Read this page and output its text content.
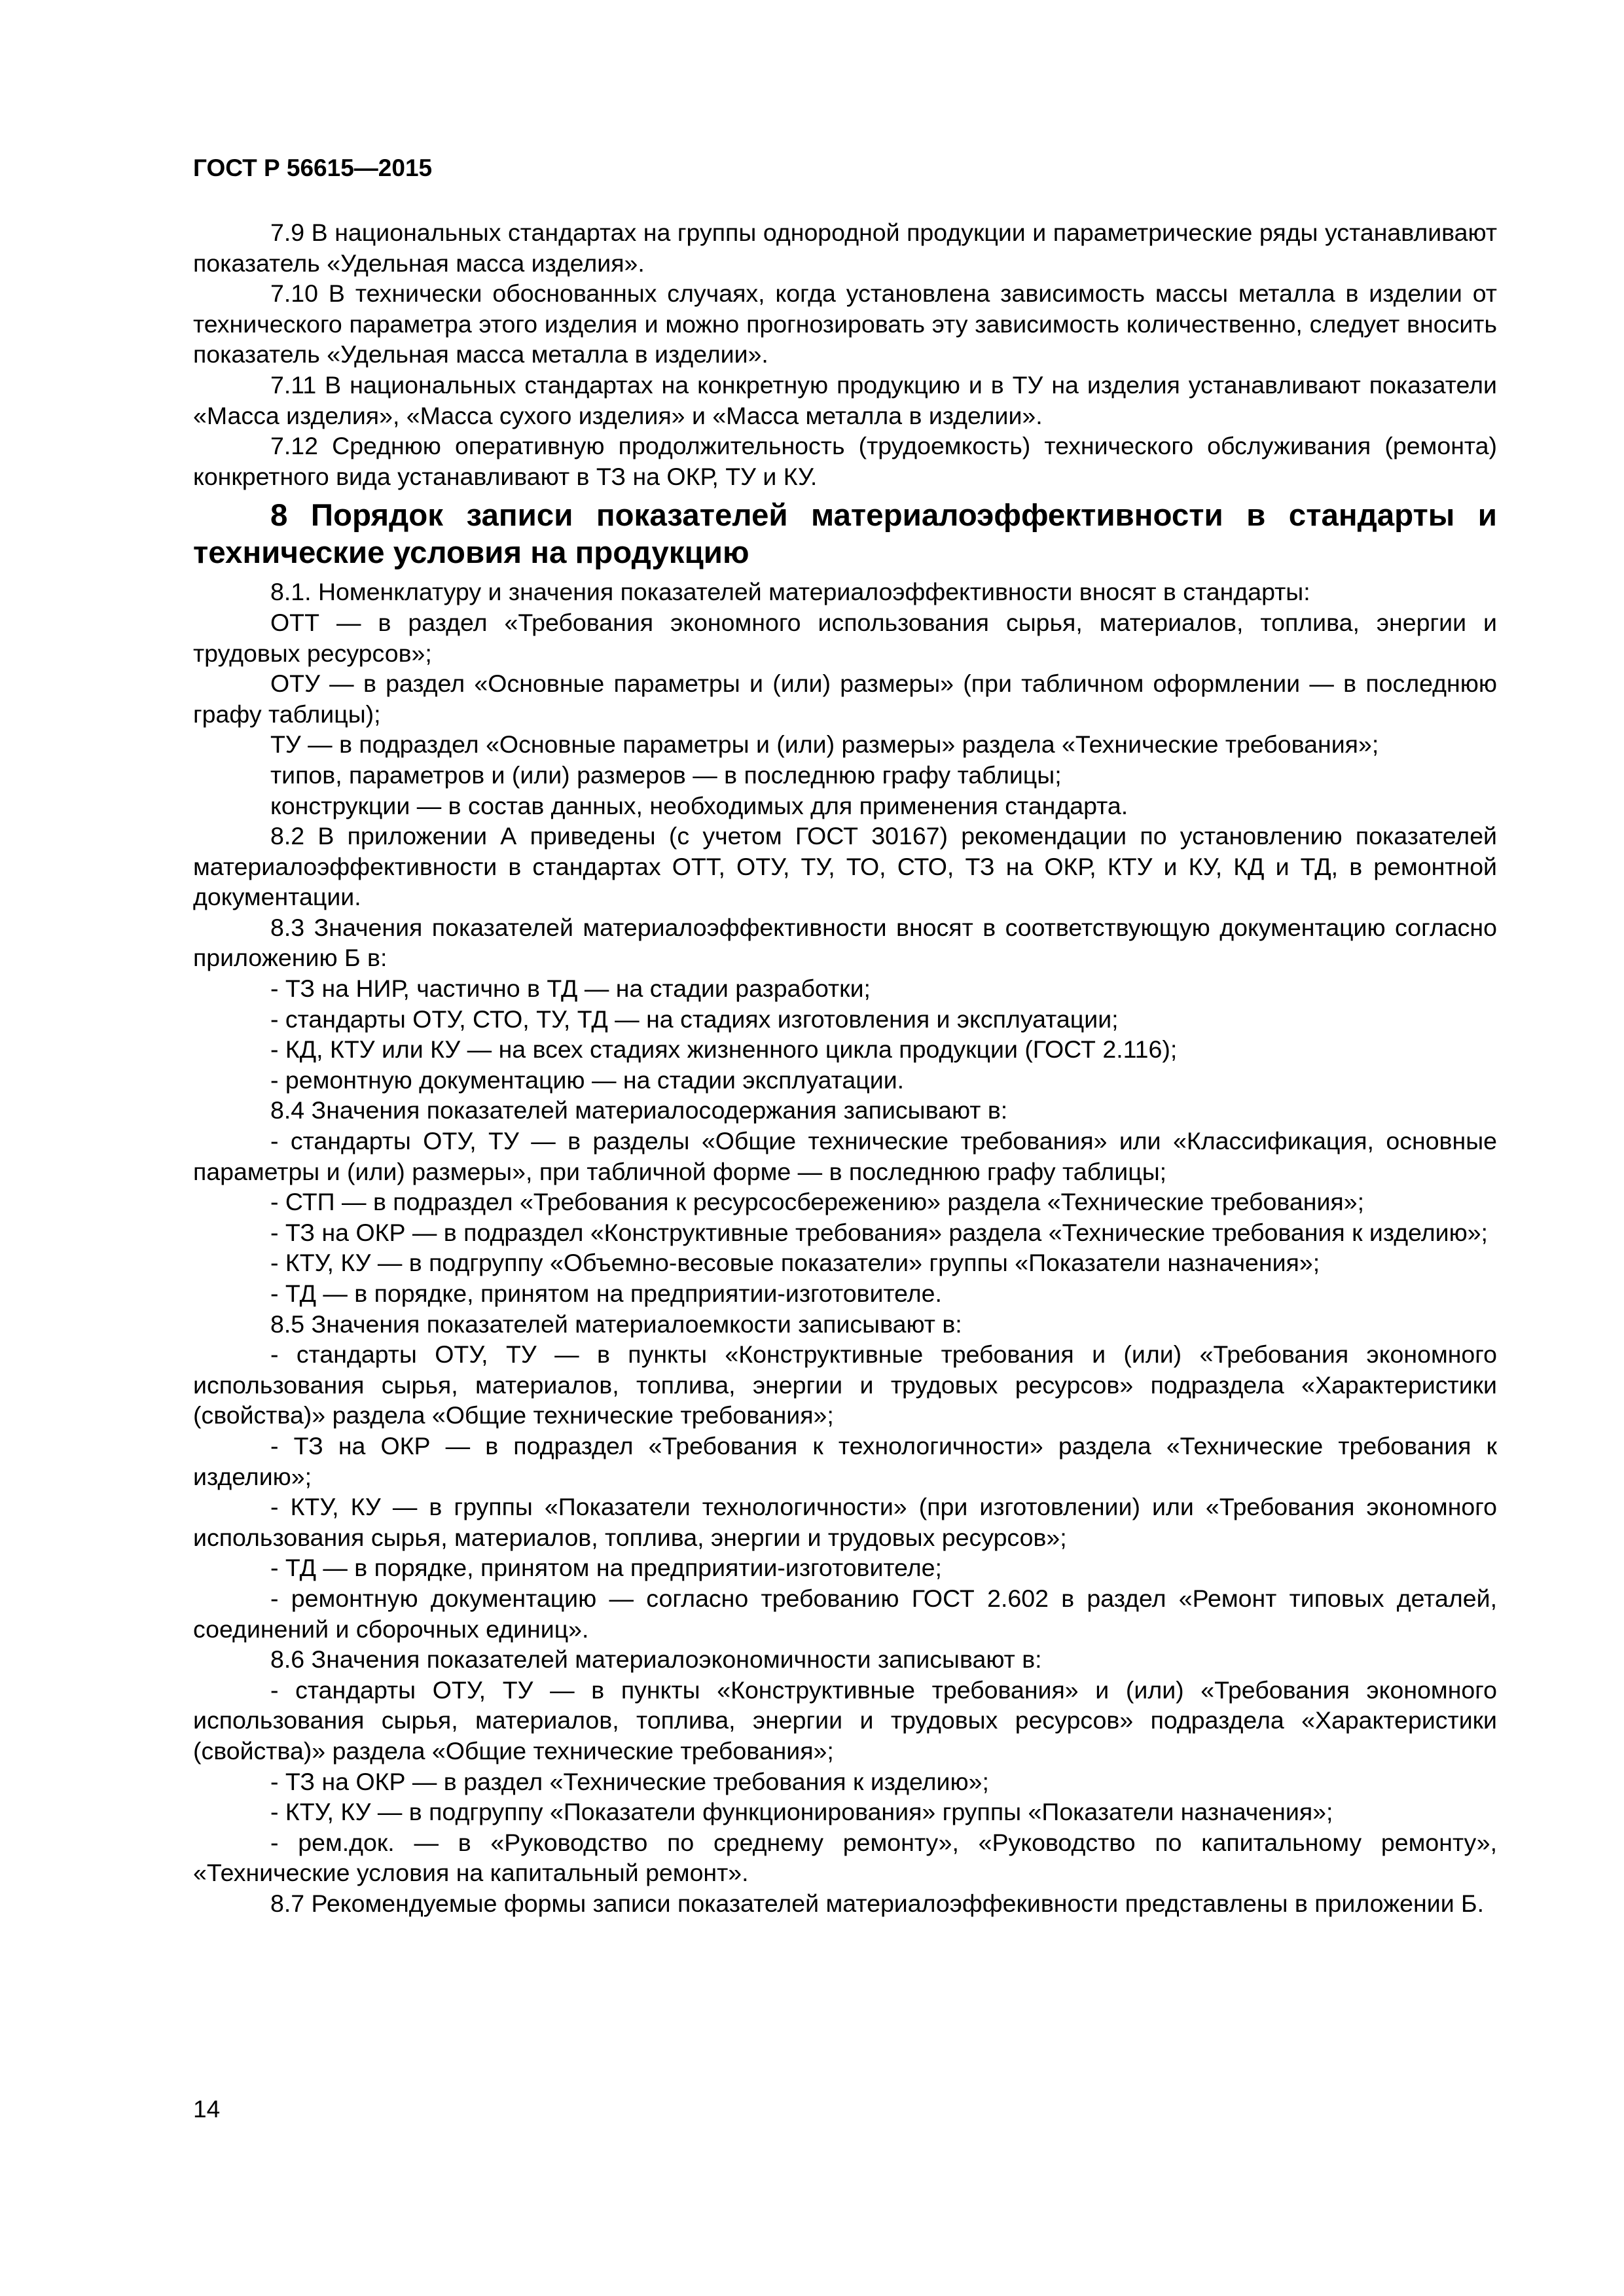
ГОСТ Р 56615—2015

7.9 В национальных стандартах на группы однородной продукции и параметрические ряды устанавливают показатель «Удельная масса изделия».

7.10 В технически обоснованных случаях, когда установлена зависимость массы металла в изделии от технического параметра этого изделия и можно прогнозировать эту зависимость количественно, следует вносить показатель «Удельная масса металла в изделии».

7.11 В национальных стандартах на конкретную продукцию и в ТУ на изделия устанавливают показатели «Масса изделия», «Масса сухого изделия» и «Масса металла в изделии».

7.12 Среднюю оперативную продолжительность (трудоемкость) технического обслуживания (ремонта) конкретного вида устанавливают в ТЗ на ОКР, ТУ и КУ.

8 Порядок записи показателей материалоэффективности в стандарты и технические условия на продукцию

8.1. Номенклатуру и значения показателей материалоэффективности вносят в стандарты:

ОТТ — в раздел «Требования экономного использования сырья, материалов, топлива, энергии и трудовых ресурсов»;

ОТУ — в раздел «Основные параметры и (или) размеры» (при табличном оформлении — в последнюю графу таблицы);

ТУ — в подраздел «Основные параметры и (или) размеры» раздела «Технические требования»;

типов, параметров и (или) размеров — в последнюю графу таблицы;

конструкции — в состав данных, необходимых для применения стандарта.

8.2 В приложении А приведены (с учетом ГОСТ 30167) рекомендации по установлению показателей материалоэффективности в стандартах ОТТ, ОТУ, ТУ, ТО, СТО, ТЗ на ОКР, КТУ и КУ, КД и ТД, в ремонтной документации.

8.3 Значения показателей материалоэффективности вносят в соответствующую документацию согласно приложению Б в:

- ТЗ на НИР, частично в ТД — на стадии разработки;

- стандарты ОТУ, СТО, ТУ, ТД — на стадиях изготовления и эксплуатации;

- КД, КТУ или КУ — на всех стадиях жизненного цикла продукции (ГОСТ 2.116);

- ремонтную документацию — на стадии эксплуатации.

8.4 Значения показателей материалосодержания записывают в:

- стандарты ОТУ, ТУ — в разделы «Общие технические требования» или «Классификация, основные параметры и (или) размеры», при табличной форме — в последнюю графу таблицы;

- СТП — в подраздел «Требования к ресурсосбережению» раздела «Технические требования»;

- ТЗ на ОКР — в подраздел «Конструктивные требования» раздела «Технические требования к изделию»;

- КТУ, КУ — в подгруппу «Объемно-весовые показатели» группы «Показатели назначения»;

- ТД — в порядке, принятом на предприятии-изготовителе.

8.5 Значения показателей материалоемкости записывают в:

- стандарты ОТУ, ТУ — в пункты «Конструктивные требования и (или) «Требования экономного использования сырья, материалов, топлива, энергии и трудовых ресурсов» подраздела «Характеристики (свойства)» раздела «Общие технические требования»;

- ТЗ на ОКР — в подраздел «Требования к технологичности» раздела «Технические требования к изделию»;

- КТУ, КУ — в группы «Показатели технологичности» (при изготовлении) или «Требования экономного использования сырья, материалов, топлива, энергии и трудовых ресурсов»;

- ТД — в порядке, принятом на предприятии-изготовителе;

- ремонтную документацию — согласно требованию ГОСТ 2.602 в раздел «Ремонт типовых деталей, соединений и сборочных единиц».

8.6 Значения показателей материалоэкономичности записывают в:

- стандарты ОТУ, ТУ — в пункты «Конструктивные требования» и (или) «Требования экономного использования сырья, материалов, топлива, энергии и трудовых ресурсов» подраздела «Характеристики (свойства)» раздела «Общие технические требования»;

- ТЗ на ОКР — в раздел «Технические требования к изделию»;

- КТУ, КУ — в подгруппу «Показатели функционирования» группы «Показатели назначения»;

- рем.док. — в «Руководство по среднему ремонту», «Руководство по капитальному ремонту», «Технические условия на капитальный ремонт».

8.7 Рекомендуемые формы записи показателей материалоэффекивности представлены в приложении Б.

14
